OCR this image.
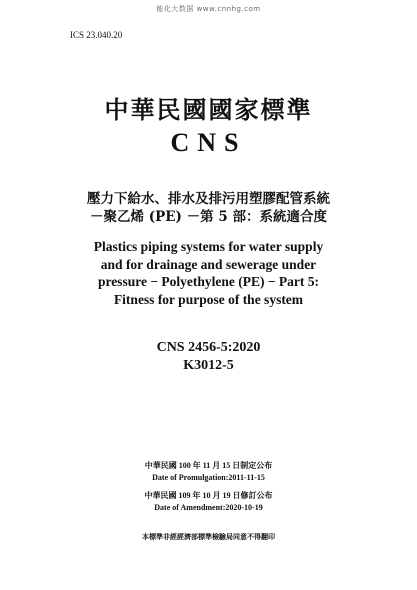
能化大数据 www.cnnhg.com
ICS 23.040.20
中華民國國家標準
CNS
壓力下給水、排水及排污用塑膠配管系統
－聚乙烯 (PE) －第 5 部：系統適合度
Plastics piping systems for water supply
and for drainage and sewerage under
pressure − Polyethylene (PE) − Part 5:
Fitness for purpose of the system
CNS 2456-5:2020
K3012-5
中華民國 100 年 11 月 15 日制定公布
Date of Promulgation:2011-11-15
中華民國 109 年 10 月 19 日修訂公布
Date of Amendment:2020-10-19
本標準非經經濟部標準檢驗局同意不得翻印
